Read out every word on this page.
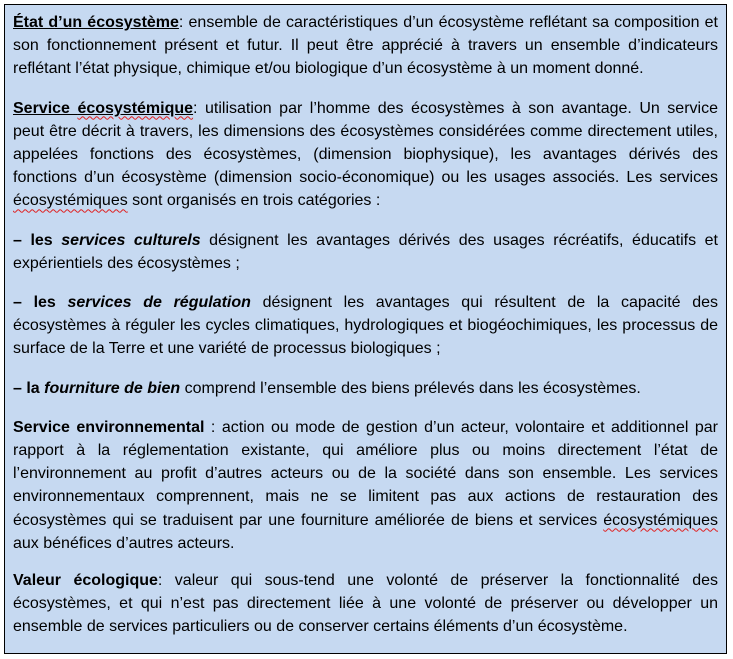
État d’un écosystème: ensemble de caractéristiques d’un écosystème reflétant sa composition et son fonctionnement présent et futur. Il peut être apprécié à travers un ensemble d’indicateurs reflétant l’état physique, chimique et/ou biologique d’un écosystème à un moment donné.

Service écosystémique: utilisation par l’homme des écosystèmes à son avantage. Un service peut être décrit à travers, les dimensions des écosystèmes considérées comme directement utiles, appelées fonctions des écosystèmes, (dimension biophysique), les avantages dérivés des fonctions d’un écosystème (dimension socio-économique) ou les usages associés. Les services écosystémiques sont organisés en trois catégories :

– les services culturels désignent les avantages dérivés des usages récréatifs, éducatifs et expérientiels des écosystèmes ;

– les services de régulation désignent les avantages qui résultent de la capacité des écosystèmes à réguler les cycles climatiques, hydrologiques et biogéochimiques, les processus de surface de la Terre et une variété de processus biologiques ;

– la fourniture de bien comprend l’ensemble des biens prélevés dans les écosystèmes.

Service environnemental : action ou mode de gestion d’un acteur, volontaire et additionnel par rapport à la réglementation existante, qui améliore plus ou moins directement l’état de l’environnement au profit d’autres acteurs ou de la société dans son ensemble. Les services environnementaux comprennent, mais ne se limitent pas aux actions de restauration des écosystèmes qui se traduisent par une fourniture améliorée de biens et services écosystémiques aux bénéfices d’autres acteurs.

Valeur écologique: valeur qui sous-tend une volonté de préserver la fonctionnalité des écosystèmes, et qui n’est pas directement liée à une volonté de préserver ou développer un ensemble de services particuliers ou de conserver certains éléments d’un écosystème.
